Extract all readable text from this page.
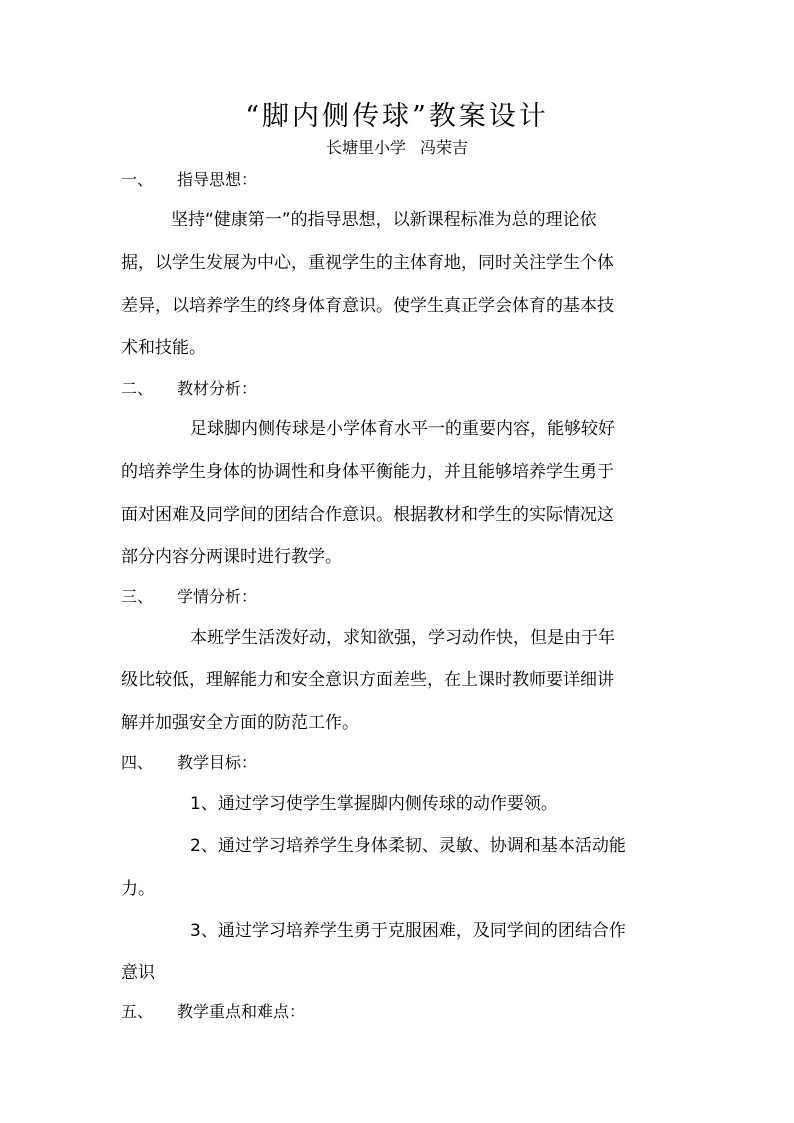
“脚内侧传球”教案设计
长塘里小学 冯荣吉
一、 指导思想：
坚持“健康第一”的指导思想，以新课程标准为总的理论依
据，以学生发展为中心，重视学生的主体育地，同时关注学生个体
差异，以培养学生的终身体育意识。使学生真正学会体育的基本技
术和技能。
二、 教材分析：
足球脚内侧传球是小学体育水平一的重要内容，能够较好
的培养学生身体的协调性和身体平衡能力，并且能够培养学生勇于
面对困难及同学间的团结合作意识。根据教材和学生的实际情况这
部分内容分两课时进行教学。
三、 学情分析：
本班学生活泼好动，求知欲强，学习动作快，但是由于年
级比较低，理解能力和安全意识方面差些，在上课时教师要详细讲
解并加强安全方面的防范工作。
四、 教学目标：
1、通过学习使学生掌握脚内侧传球的动作要领。
2、通过学习培养学生身体柔韧、灵敏、协调和基本活动能
力。
3、通过学习培养学生勇于克服困难，及同学间的团结合作
意识
五、 教学重点和难点：
